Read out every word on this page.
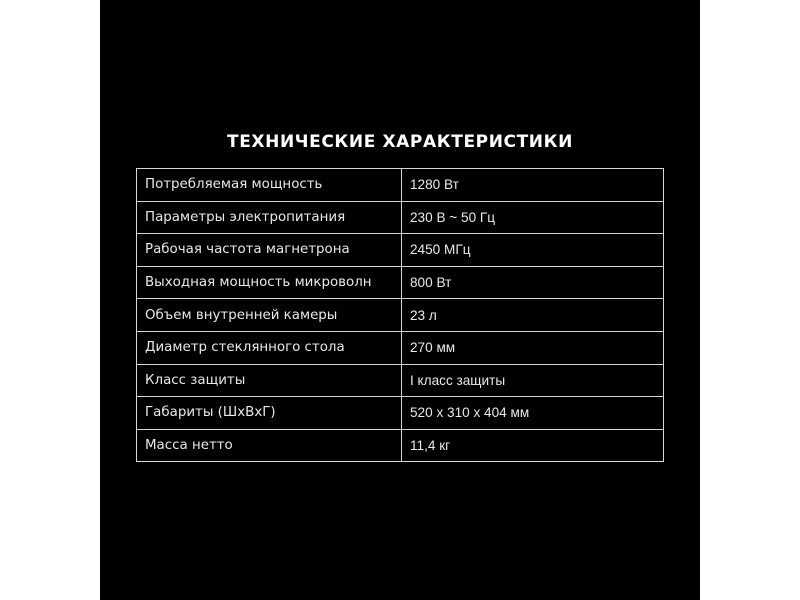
ТЕХНИЧЕСКИЕ ХАРАКТЕРИСТИКИ
Потребляемая мощность	1280 Вт
Параметры электропитания	230 В ~ 50 Гц
Рабочая частота магнетрона	2450 МГц
Выходная мощность микроволн	800 Вт
Объем внутренней камеры	23 л
Диаметр стеклянного стола	270 мм
Класс защиты	I класс защиты
Габариты (ШхВхГ)	520 х 310 х 404 мм
Масса нетто	11,4 кг
